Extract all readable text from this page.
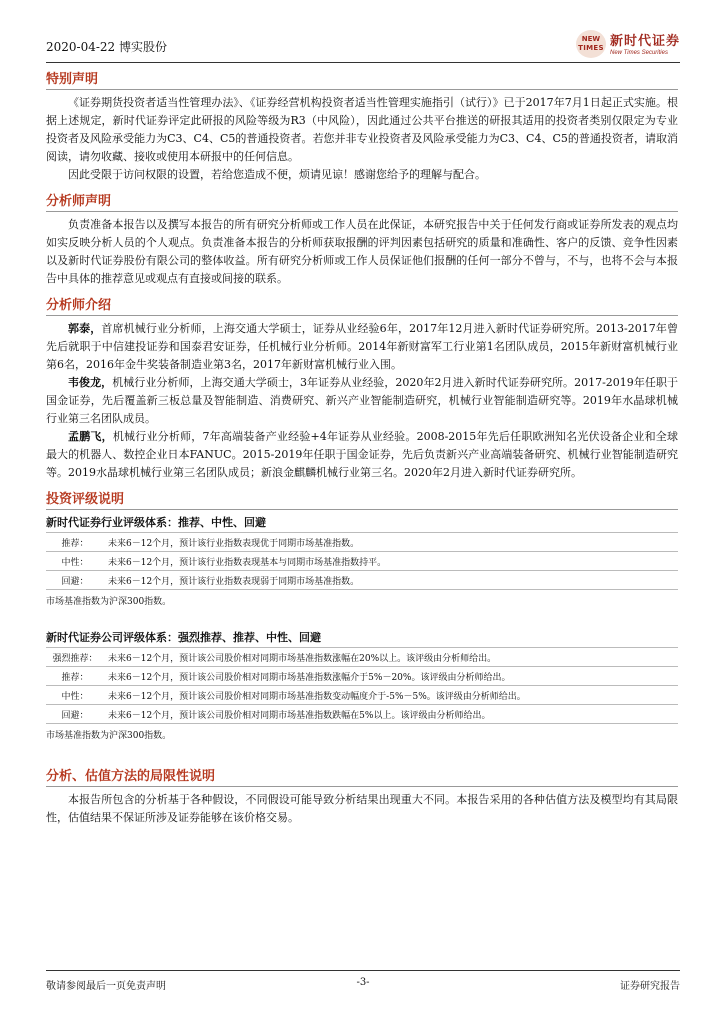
2020-04-22 博实股份
NEW
TIMES 新时代证券
New Times Securities
特别声明

《证券期货投资者适当性管理办法》、《证券经营机构投资者适当性管理实施指引（试行）》已于2017年7月1日起正式实施。根据上述规定，新时代证券评定此研报的风险等级为R3（中风险），因此通过公共平台推送的研报其适用的投资者类别仅限定为专业投资者及风险承受能力为C3、C4、C5的普通投资者。若您并非专业投资者及风险承受能力为C3、C4、C5的普通投资者，请取消阅读，请勿收藏、接收或使用本研报中的任何信息。

因此受限于访问权限的设置，若给您造成不便，烦请见谅！感谢您给予的理解与配合。

分析师声明

负责准备本报告以及撰写本报告的所有研究分析师或工作人员在此保证，本研究报告中关于任何发行商或证券所发表的观点均如实反映分析人员的个人观点。负责准备本报告的分析师获取报酬的评判因素包括研究的质量和准确性、客户的反馈、竞争性因素以及新时代证券股份有限公司的整体收益。所有研究分析师或工作人员保证他们报酬的任何一部分不曾与，不与，也将不会与本报告中具体的推荐意见或观点有直接或间接的联系。

分析师介绍

郭泰，首席机械行业分析师，上海交通大学硕士，证券从业经验6年，2017年12月进入新时代证券研究所。2013-2017年曾先后就职于中信建投证券和国泰君安证券，任机械行业分析师。2014年新财富军工行业第1名团队成员，2015年新财富机械行业第6名，2016年金牛奖装备制造业第3名，2017年新财富机械行业入围。

韦俊龙，机械行业分析师，上海交通大学硕士，3年证券从业经验，2020年2月进入新时代证券研究所。2017-2019年任职于国金证券，先后覆盖新三板总量及智能制造、消费研究、新兴产业智能制造研究，机械行业智能制造研究等。2019年水晶球机械行业第三名团队成员。

孟鹏飞，机械行业分析师，7年高端装备产业经验+4年证券从业经验。2008-2015年先后任职欧洲知名光伏设备企业和全球最大的机器人、数控企业日本FANUC。2015-2019年任职于国金证券，先后负责新兴产业高端装备研究、机械行业智能制造研究等。2019水晶球机械行业第三名团队成员；新浪金麒麟机械行业第三名。2020年2月进入新时代证券研究所。

投资评级说明
新时代证券行业评级体系：推荐、中性、回避
推荐：	未来6－12个月，预计该行业指数表现优于同期市场基准指数。
中性：	未来6－12个月，预计该行业指数表现基本与同期市场基准指数持平。
回避：	未来6－12个月，预计该行业指数表现弱于同期市场基准指数。
市场基准指数为沪深300指数。
新时代证券公司评级体系：强烈推荐、推荐、中性、回避
强烈推荐：	未来6－12个月，预计该公司股价相对同期市场基准指数涨幅在20%以上。该评级由分析师给出。
推荐：	未来6－12个月，预计该公司股价相对同期市场基准指数涨幅介于5%－20%。该评级由分析师给出。
中性：	未来6－12个月，预计该公司股价相对同期市场基准指数变动幅度介于-5%－5%。该评级由分析师给出。
回避：	未来6－12个月，预计该公司股价相对同期市场基准指数跌幅在5%以上。该评级由分析师给出。
市场基准指数为沪深300指数。
分析、估值方法的局限性说明

本报告所包含的分析基于各种假设，不同假设可能导致分析结果出现重大不同。本报告采用的各种估值方法及模型均有其局限性，估值结果不保证所涉及证券能够在该价格交易。

敬请参阅最后一页免责声明	-3-	证券研究报告
